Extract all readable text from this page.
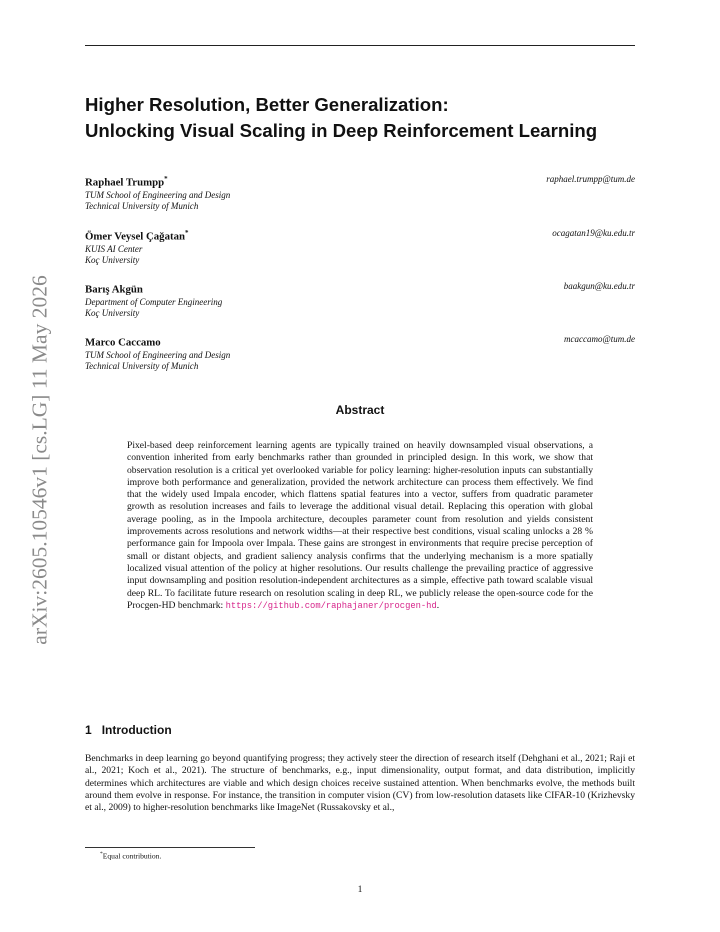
arXiv:2605.10546v1 [cs.LG] 11 May 2026
Higher Resolution, Better Generalization:
Unlocking Visual Scaling in Deep Reinforcement Learning
Raphael Trumpp*
TUM School of Engineering and Design
Technical University of Munich
raphael.trumpp@tum.de
Ömer Veysel Çağatan*
KUIS AI Center
Koç University
ocagatan19@ku.edu.tr
Barış Akgün
Department of Computer Engineering
Koç University
baakgun@ku.edu.tr
Marco Caccamo
TUM School of Engineering and Design
Technical University of Munich
mcaccamo@tum.de
Abstract
Pixel-based deep reinforcement learning agents are typically trained on heavily downsampled visual observations, a convention inherited from early benchmarks rather than grounded in principled design. In this work, we show that observation resolution is a critical yet overlooked variable for policy learning: higher-resolution inputs can substantially improve both performance and generalization, provided the network architecture can process them effectively. We find that the widely used Impala encoder, which flattens spatial features into a vector, suffers from quadratic parameter growth as resolution increases and fails to leverage the additional visual detail. Replacing this operation with global average pooling, as in the Impoola architecture, decouples parameter count from resolution and yields consistent improvements across resolutions and network widths—at their respective best conditions, visual scaling unlocks a 28 % performance gain for Impoola over Impala. These gains are strongest in environments that require precise perception of small or distant objects, and gradient saliency analysis confirms that the underlying mechanism is a more spatially localized visual attention of the policy at higher resolutions. Our results challenge the prevailing practice of aggressive input downsampling and position resolution-independent architectures as a simple, effective path toward scalable visual deep RL. To facilitate future research on resolution scaling in deep RL, we publicly release the open-source code for the Procgen-HD benchmark: https://github.com/raphajaner/procgen-hd.
1 Introduction
Benchmarks in deep learning go beyond quantifying progress; they actively steer the direction of research itself (Dehghani et al., 2021; Raji et al., 2021; Koch et al., 2021). The structure of benchmarks, e.g., input dimensionality, output format, and data distribution, implicitly determines which architectures are viable and which design choices receive sustained attention. When benchmarks evolve, the methods built around them evolve in response. For instance, the transition in computer vision (CV) from low-resolution datasets like CIFAR-10 (Krizhevsky et al., 2009) to higher-resolution benchmarks like ImageNet (Russakovsky et al.,
*Equal contribution.
1
